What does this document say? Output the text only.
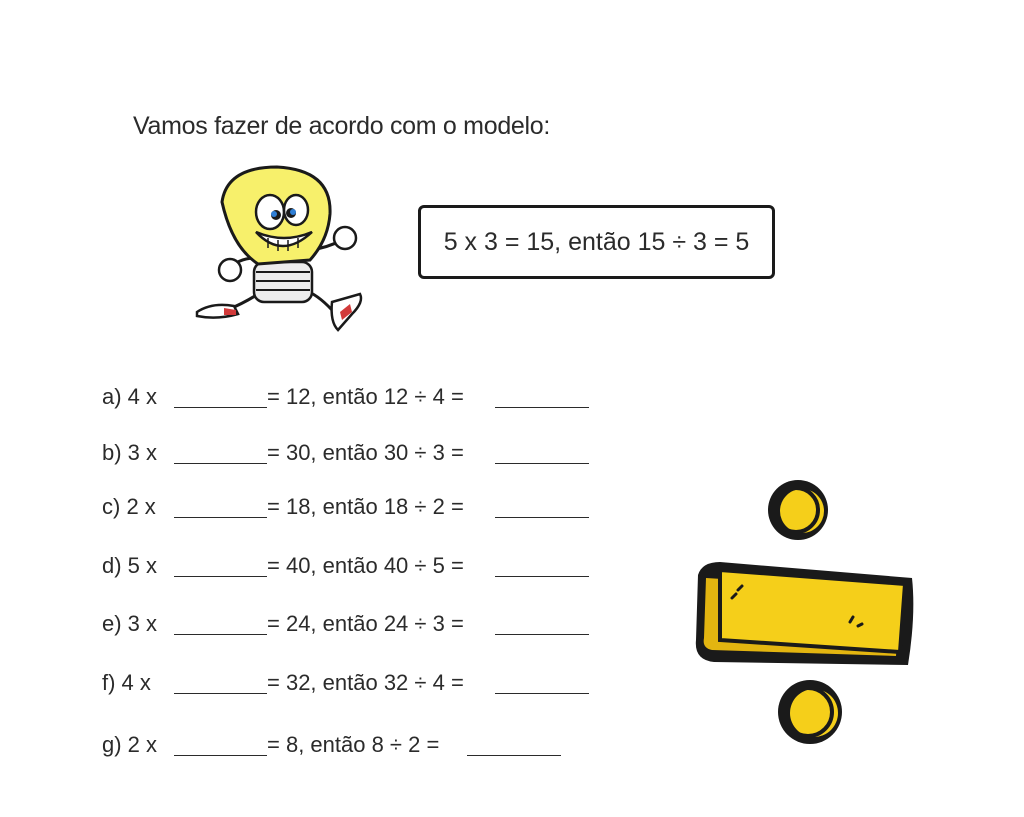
Vamos fazer de acordo com o modelo:
5 x 3 = 15, então 15 ÷ 3 = 5
a) 4 x	= 12, então 12 ÷ 4 =
b) 3 x	= 30, então 30 ÷ 3 =
c) 2 x	= 18, então 18 ÷ 2 =
d) 5 x	= 40, então 40 ÷ 5 =
e) 3 x	= 24, então 24 ÷ 3 =
f) 4 x	= 32, então 32 ÷ 4 =
g) 2 x	= 8, então 8 ÷ 2 =
